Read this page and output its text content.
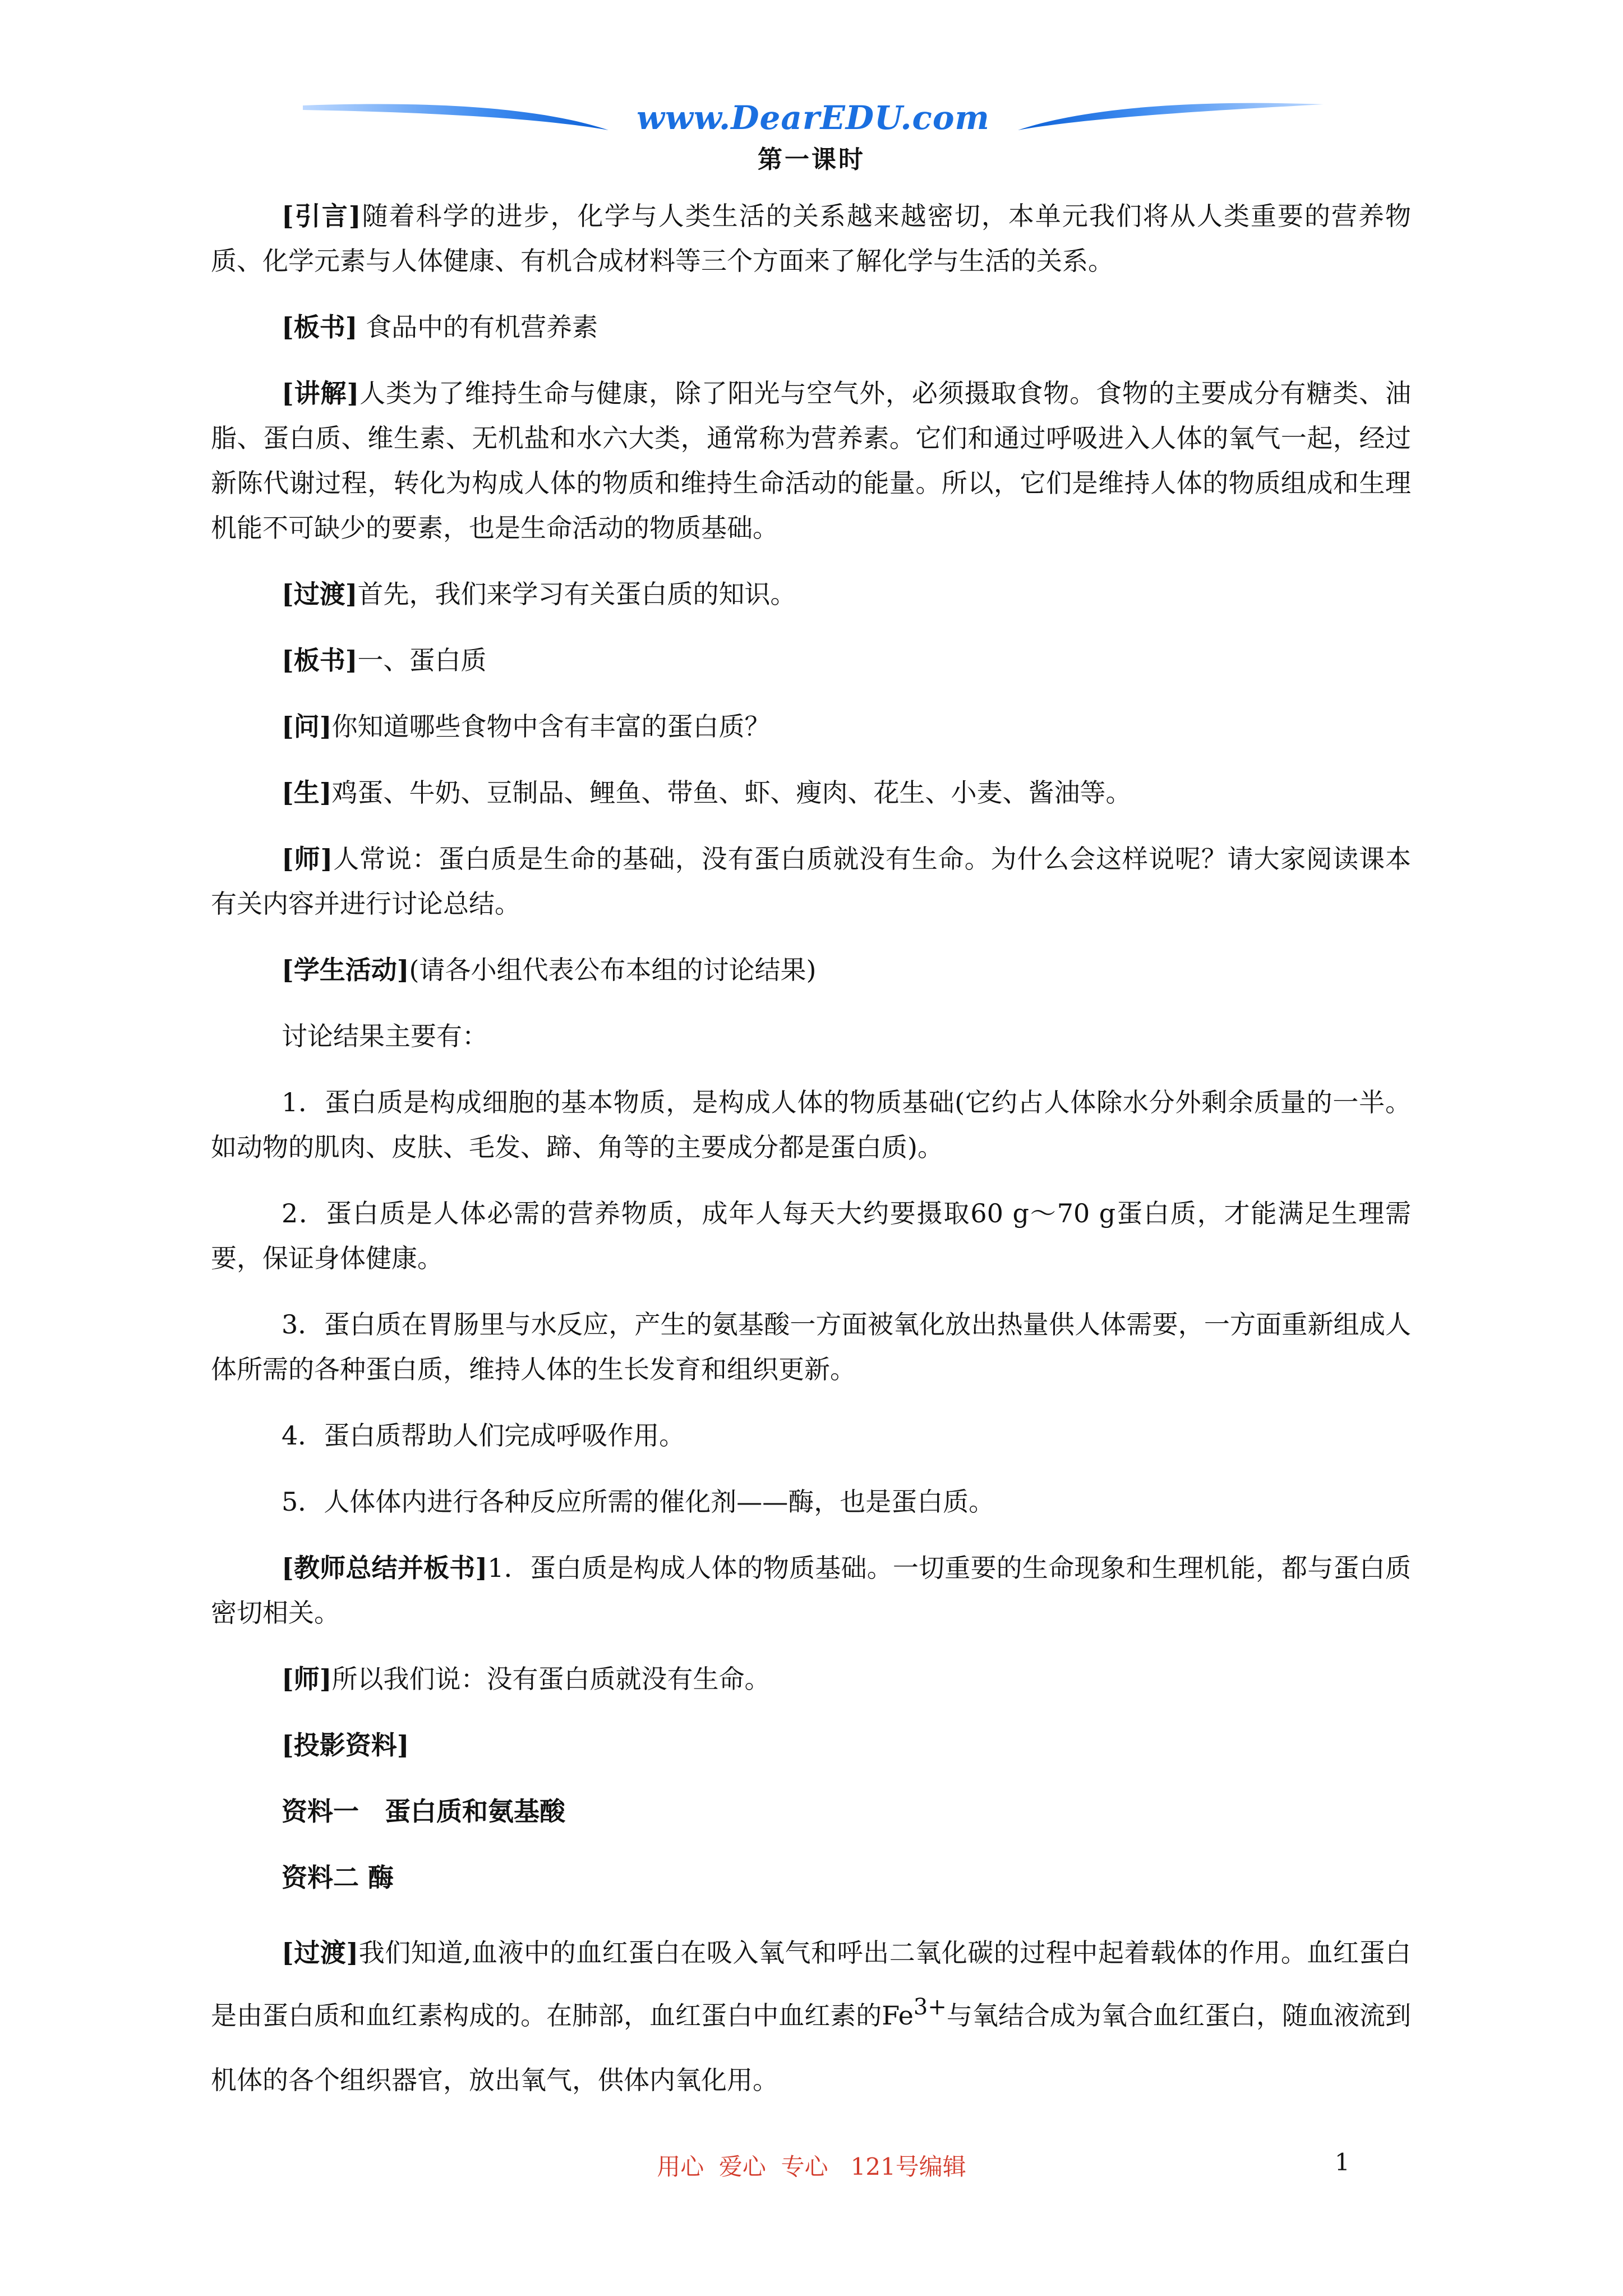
www.DearEDU.com
第一课时

[引言]随着科学的进步，化学与人类生活的关系越来越密切，本单元我们将从人类重要的营养物质、化学元素与人体健康、有机合成材料等三个方面来了解化学与生活的关系。

[板书] 食品中的有机营养素

[讲解]人类为了维持生命与健康，除了阳光与空气外，必须摄取食物。食物的主要成分有糖类、油脂、蛋白质、维生素、无机盐和水六大类，通常称为营养素。它们和通过呼吸进入人体的氧气一起，经过新陈代谢过程，转化为构成人体的物质和维持生命活动的能量。所以，它们是维持人体的物质组成和生理机能不可缺少的要素，也是生命活动的物质基础。

[过渡]首先，我们来学习有关蛋白质的知识。

[板书]一、蛋白质

[问]你知道哪些食物中含有丰富的蛋白质？

[生]鸡蛋、牛奶、豆制品、鲤鱼、带鱼、虾、瘦肉、花生、小麦、酱油等。

[师]人常说：蛋白质是生命的基础，没有蛋白质就没有生命。为什么会这样说呢？请大家阅读课本有关内容并进行讨论总结。

[学生活动](请各小组代表公布本组的讨论结果)

讨论结果主要有：

1．蛋白质是构成细胞的基本物质，是构成人体的物质基础(它约占人体除水分外剩余质量的一半。如动物的肌肉、皮肤、毛发、蹄、角等的主要成分都是蛋白质)。

2．蛋白质是人体必需的营养物质，成年人每天大约要摄取60 g～70 g蛋白质，才能满足生理需要，保证身体健康。

3．蛋白质在胃肠里与水反应，产生的氨基酸一方面被氧化放出热量供人体需要，一方面重新组成人体所需的各种蛋白质，维持人体的生长发育和组织更新。

4．蛋白质帮助人们完成呼吸作用。

5．人体体内进行各种反应所需的催化剂——酶，也是蛋白质。

[教师总结并板书]1．蛋白质是构成人体的物质基础。一切重要的生命现象和生理机能，都与蛋白质密切相关。

[师]所以我们说：没有蛋白质就没有生命。

[投影资料]

资料一　蛋白质和氨基酸

资料二 酶

[过渡]我们知道,血液中的血红蛋白在吸入氧气和呼出二氧化碳的过程中起着载体的作用。血红蛋白是由蛋白质和血红素构成的。在肺部，血红蛋白中血红素的Fe3+与氧结合成为氧合血红蛋白，随血液流到机体的各个组织器官，放出氧气，供体内氧化用。

用心  爱心  专心   121号编辑	1
